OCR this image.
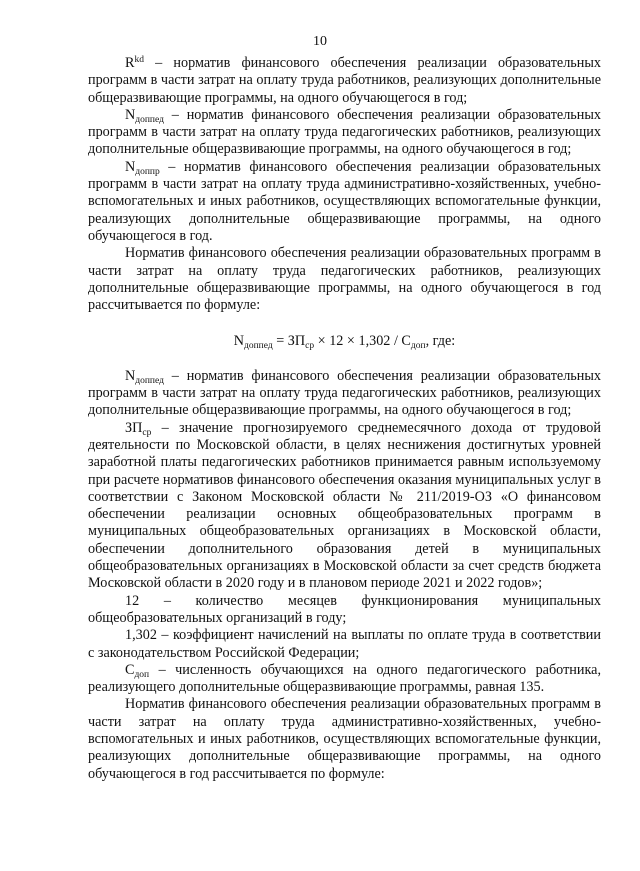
10
$R^{kd}$ – норматив финансового обеспечения реализации образовательных программ в части затрат на оплату труда работников, реализующих дополнительные общеразвивающие программы, на одного обучающегося в год;
$N_{доппед}$ – норматив финансового обеспечения реализации образовательных программ в части затрат на оплату труда педагогических работников, реализующих дополнительные общеразвивающие программы, на одного обучающегося в год;
$N_{доппр}$ – норматив финансового обеспечения реализации образовательных программ в части затрат на оплату труда административно-хозяйственных, учебно-вспомогательных и иных работников, осуществляющих вспомогательные функции, реализующих дополнительные общеразвивающие программы, на одного обучающегося в год.
Норматив финансового обеспечения реализации образовательных программ в части затрат на оплату труда педагогических работников, реализующих дополнительные общеразвивающие программы, на одного обучающегося в год рассчитывается по формуле:
$N_{доппед} = ЗП_{ср} \times 12 \times 1,302 / С_{доп}$, где:
$N_{доппед}$ – норматив финансового обеспечения реализации образовательных программ в части затрат на оплату труда педагогических работников, реализующих дополнительные общеразвивающие программы, на одного обучающегося в год;
$ЗП_{ср}$ – значение прогнозируемого среднемесячного дохода от трудовой деятельности по Московской области, в целях неснижения достигнутых уровней заработной платы педагогических работников принимается равным используемому при расчете нормативов финансового обеспечения оказания муниципальных услуг в соответствии с Законом Московской области № 211/2019-ОЗ «О финансовом обеспечении реализации основных общеобразовательных программ в муниципальных общеобразовательных организациях в Московской области, обеспечении дополнительного образования детей в муниципальных общеобразовательных организациях в Московской области за счет средств бюджета Московской области в 2020 году и в плановом периоде 2021 и 2022 годов»;
12 – количество месяцев функционирования муниципальных общеобразовательных организаций в году;
1,302 – коэффициент начислений на выплаты по оплате труда в соответствии с законодательством Российской Федерации;
$С_{доп}$ – численность обучающихся на одного педагогического работника, реализующего дополнительные общеразвивающие программы, равная 135.
Норматив финансового обеспечения реализации образовательных программ в части затрат на оплату труда административно-хозяйственных, учебно-вспомогательных и иных работников, осуществляющих вспомогательные функции, реализующих дополнительные общеразвивающие программы, на одного обучающегося в год рассчитывается по формуле:
